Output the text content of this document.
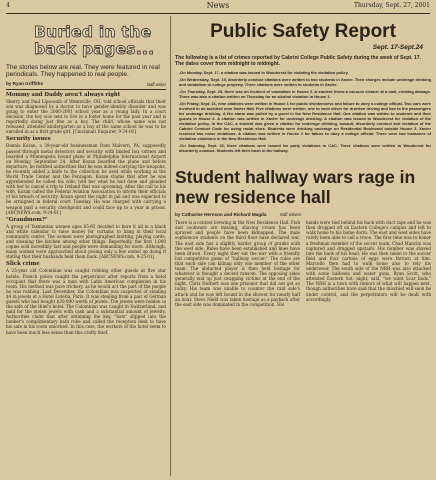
4	News	Thursday, Sept. 27, 2001
Buried in the back pages...

The stories below are real. They were featured in real periodicals. They happened to real people.

by Ryan Griffiths	staff writer
Mommy and Daddy aren't always right

Sherry and Paul Lipscomb of Wentzville, OH, told school officials that their son was diagnosed by a doctor to have gender-identity disorder and was going to enter the 2000-2001 school year as a young lady. In a court decision, the boy was sent to live in a foster home for the past year and is reportedly doing just fine as a boy. The child, whose name was not released, attended kindergarten as a boy at the same school he was to be enrolled in as a first grade girl. [Cincinnati Enquirer, 9-24-01]

Security issues

Dennis Kozan, a 39-year-old businessman from Malvern, PA, supposedly passed through metal detectors and security with bladed box cutters and boarded a Minneapolis bound plane at Philadelphia International Airport on Monday, September 24. After Kozan boarded the plane and before departure, he notified authorities that he was indeed carrying the weapons, he recently added a knife to the collection he used while working at the World Trade Center and the Pentagon. Kozan claims that after he was apprehended he called his wife, told her what he had done and pleaded with her to cancel a trip to Ireland that was upcoming. After the call to his wife, Kozan called the Federal Aviation Association to inform their officials of his breach of security. Kozan spent the night in jail and was expected to be arraigned in federal court Tuesday. He was charged with carrying a weapon past a security checkpoint and could face up to a year in prison. [ABCNEWS.com, 9-24-01]

"Grandmom?"

A group of Tasmanian women ages 65-82 decided to bare it all in a black and white calendar to raise money for curtains to hang in their local community center. The women were photographed knitting, playing cards, and cleaning the kitchen among other things. Reportedly, the first 1,000 copies sold incredibly fast and people were demanding for more. Although, many women were approached about posing only a few ended up doing it stating that their husbands held them back. [ABCNEWS.com, 9-25-01]

Slick crime

A 25-year old Colombian was caught robbing other guests at five star hotels. French police caught the perpetrator after reports from a hotel occupant that there was a man with Latin American complexion in his room. His method was pure trickery, as he would act the part of the people he was robbing. Last December, the Colombian was suspected of stealing $4 in jewels at a Hotel Lutetia, Paris. It was stealing from a pair of German guests who had bought $20,000 worth of jewels. The jewels were hidden in the safe of the thief's hotel. The Colombian was caught in Switzerland, and paid for the stolen jewels with cash and a substantial amount of jewelry. Authorities claim that after obtaining the key, "Sam" slipped into the banker's complimentary bath robe and called the reception desk to have his safe in his room unlocked. In this case, the workers of the hotel seem to have been much less sense than this crafty thief.

Public Safety Report
Sept. 17-Sept.24

The following is a list of crimes reported by Cabrini College Public Safety during the week of Sept. 17. The dates cover from midnight to midnight.

-On Monday, Sept. 17, a citation was issued in Woodcrest for violating the visitation policy.

-On Wednesday, Sept. 19, disorderly conduct citations were written to two students in Xavier. Their charges include underage drinking and vandalism to college property. Three citations were written to students in Xavier.

-On Thursday, Sept. 20, there was an incident of vandalism in House 2. A student threw a vacuum cleaner at a wall, creating damage. There was also a citation written on Thursday for an alcohol violation in House 1.

-On Friday, Sept. 21, nine citations were written in House 1 for public drunkenness and failure to obey a college official. Two cars were involved in an accident near Xavier Hall. Five citations were written, one to each driver for drunken driving and two to the passengers for underage drinking. A fire alarm was pulled by a guest in the New Residence Hall. One citation was written to students and their guests in House 2. A citation was written in Xavier for underage drinking. A citation was issued to Woodcrest for violation of the visitation policy. In the CAC, a student was given a citation for underage drinking, assault, disorderly conduct and violation of the Cabrini Conduct Code for using racial slurs. Students were drinking underage on Residential Boulevard outside House 2. Xavier received two noise violations. A citation was written in House 2 for failure to obey a college official. There were two instances of visitation violations in the New Residence Hall.

-On Saturday, Sept. 22, three citations were issued for party violations in CAC. Three citations were written to Woodcrest for disorderly conduct. Students left their trash in the hallway.

Student hallway wars rage in new residence hall
by Catharine Hernson and Richard Magda	staff writers

There is a contest brewing in the New Residence Hall. Fish and cookware are missing, shaving cream has been sprayed and people have been kidnapped. The male sophomore students on the third floor have declared war. The east side has a slightly harder group of pranks with the west side. Rules have been established and lines have been drawn. Every night they eat the war with a friendly but competitive game of "hallway soccer." The rules are that each side can kidnap only one member of the other team. The abducted player is then held hostage for whatever is thought a decent ransom. The opposing sides generally end up just swapping victims at the end of the night. Chris Herbert was one prisoner that did not get so lucky. His team was unable to counter the raid side's attack and he was left bound in the shower for nearly half an hour. Steve Nield was taken hostage as a payback after the east side was dominated in the competition. His

hands were tied behind his back with duct tape and he was then dropped off on Eastern College's campus and left to walk home to his home dorm. The east and west sides have rarely been able to call a truce. The first time was to honor a freshman member of the soccer team, Chad Mancini was captured and dragged upstairs. His number was shaved into the back of his head. He was then taken to the soccer field and four cartons of eggs were thrown at him. Marcello then had to walk home also to rely his underwear. The south side of the NRH was also attacked with some balloons and water guns. Ryan Scott, who attended Eastern Sat. night, said, "we want Scar back." The NRH is a town with rumors of what will happen next, though authorities have said that the mischief will soon be under control, and the perpetrators will be dealt with accordingly.
